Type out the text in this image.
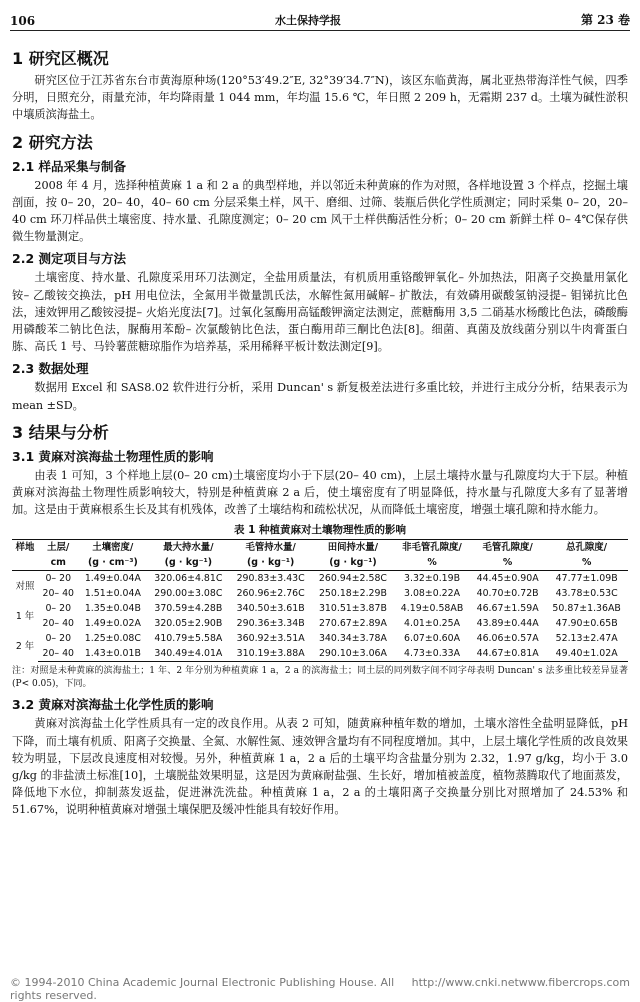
106	水土保持学报	第 23 卷
1 研究区概况

研究区位于江苏省东台市黄海原种场(120°53′49.2″E, 32°39′34.7″N)，该区东临黄海，属北亚热带海洋性气候，四季分明，日照充分，雨量充沛，年均降雨量 1 044 mm，年均温 15.6 ℃，年日照 2 209 h，无霜期 237 d。土壤为碱性淤积中壤质滨海盐土。

2 研究方法
2.1 样品采集与制备

2008 年 4 月，选择种植黄麻 1 a 和 2 a 的典型样地，并以邻近未种黄麻的作为对照，各样地设置 3 个样点，挖掘土壤剖面，按 0– 20，20– 40，40– 60 cm 分层采集土样，风干、磨细、过筛、装瓶后供化学性质测定；同时采集 0– 20，20– 40 cm 环刀样品供土壤密度、持水量、孔隙度测定；0– 20 cm 风干土样供酶活性分析；0– 20 cm 新鲜土样 0– 4℃保存供微生物量测定。

2.2 测定项目与方法

土壤密度、持水量、孔隙度采用环刀法测定，全盐用质量法，有机质用重铬酸钾氧化– 外加热法，阳离子交换量用氯化铵– 乙酸铵交换法，pH 用电位法，全氮用半微量凯氏法，水解性氮用碱解– 扩散法，有效磷用碳酸氢钠浸提– 钼锑抗比色法，速效钾用乙酸铵浸提– 火焰光度法[7]。过氧化氢酶用高锰酸钾滴定法测定，蔗糖酶用 3,5 二硝基水杨酸比色法，磷酸酶用磷酸苯二钠比色法，脲酶用苯酚– 次氯酸钠比色法，蛋白酶用茚三酮比色法[8]。细菌、真菌及放线菌分别以牛肉膏蛋白胨、高氏 1 号、马铃薯蔗糖琼脂作为培养基，采用稀释平板计数法测定[9]。

2.3 数据处理

数据用 Excel 和 SAS8.02 软件进行分析，采用 Duncan' s 新复极差法进行多重比较，并进行主成分分析，结果表示为 mean ±SD。

3 结果与分析
3.1 黄麻对滨海盐土物理性质的影响

由表 1 可知，3 个样地上层(0– 20 cm)土壤密度均小于下层(20– 40 cm)，上层土壤持水量与孔隙度均大于下层。种植黄麻对滨海盐土物理性质影响较大，特别是种植黄麻 2 a 后，使土壤密度有了明显降低，持水量与孔隙度大多有了显著增加。这是由于黄麻根系生长及其有机残体，改善了土壤结构和疏松状况，从而降低土壤密度，增强土壤孔隙和持水能力。

表 1 种植黄麻对土壤物理性质的影响
样地	土层/	土壤密度/	最大持水量/	毛管持水量/	田间持水量/	非毛管孔隙度/	毛管孔隙度/	总孔隙度/
	cm	(g · cm⁻³)	(g · kg⁻¹)	(g · kg⁻¹)	(g · kg⁻¹)	%	%	%
对照	0– 20	1.49±0.04A	320.06±4.81C	290.83±3.43C	260.94±2.58C	3.32±0.19B	44.45±0.90A	47.77±1.09B
	20– 40	1.51±0.04A	290.00±3.08C	260.96±2.76C	250.18±2.29B	3.08±0.22A	40.70±0.72B	43.78±0.53C
1 年	0– 20	1.35±0.04B	370.59±4.28B	340.50±3.61B	310.51±3.87B	4.19±0.58AB	46.67±1.59A	50.87±1.36AB
	20– 40	1.49±0.02A	320.05±2.90B	290.36±3.34B	270.67±2.89A	4.01±0.25A	43.89±0.44A	47.90±0.65B
2 年	0– 20	1.25±0.08C	410.79±5.58A	360.92±3.51A	340.34±3.78A	6.07±0.60A	46.06±0.57A	52.13±2.47A
	20– 40	1.43±0.01B	340.49±4.01A	310.19±3.88A	290.10±3.06A	4.73±0.33A	44.67±0.81A	49.40±1.02A

注：对照是未种黄麻的滨海盐土；1 年、2 年分别为种植黄麻 1 a，2 a 的滨海盐土；同土层的同列数字间不同字母表明 Duncan' s 法多重比较差异显著(P< 0.05)，下同。

3.2 黄麻对滨海盐土化学性质的影响

黄麻对滨海盐土化学性质具有一定的改良作用。从表 2 可知，随黄麻种植年数的增加，土壤水溶性全盐明显降低，pH 下降，而土壤有机质、阳离子交换量、全氮、水解性氮、速效钾含量均有不同程度增加。其中，上层土壤化学性质的改良效果较为明显，下层改良速度相对较慢。另外，种植黄麻 1 a，2 a 后的土壤平均含盐量分别为 2.32，1.97 g/kg，均小于 3.0 g/kg 的非盐渍土标准[10]，土壤脱盐效果明显，这是因为黄麻耐盐强、生长好，增加植被盖度，植物蒸腾取代了地面蒸发，降低地下水位，抑制蒸发返盐，促进淋洗洗盐。种植黄麻 1 a，2 a 的土壤阳离子交换量分别比对照增加了 24.53% 和 51.67%，说明种植黄麻对增强土壤保肥及缓冲性能具有较好作用。

© 1994-2010 China Academic Journal Electronic Publishing House. All rights reserved.
http://www.cnki.net www.fibercrops.com
